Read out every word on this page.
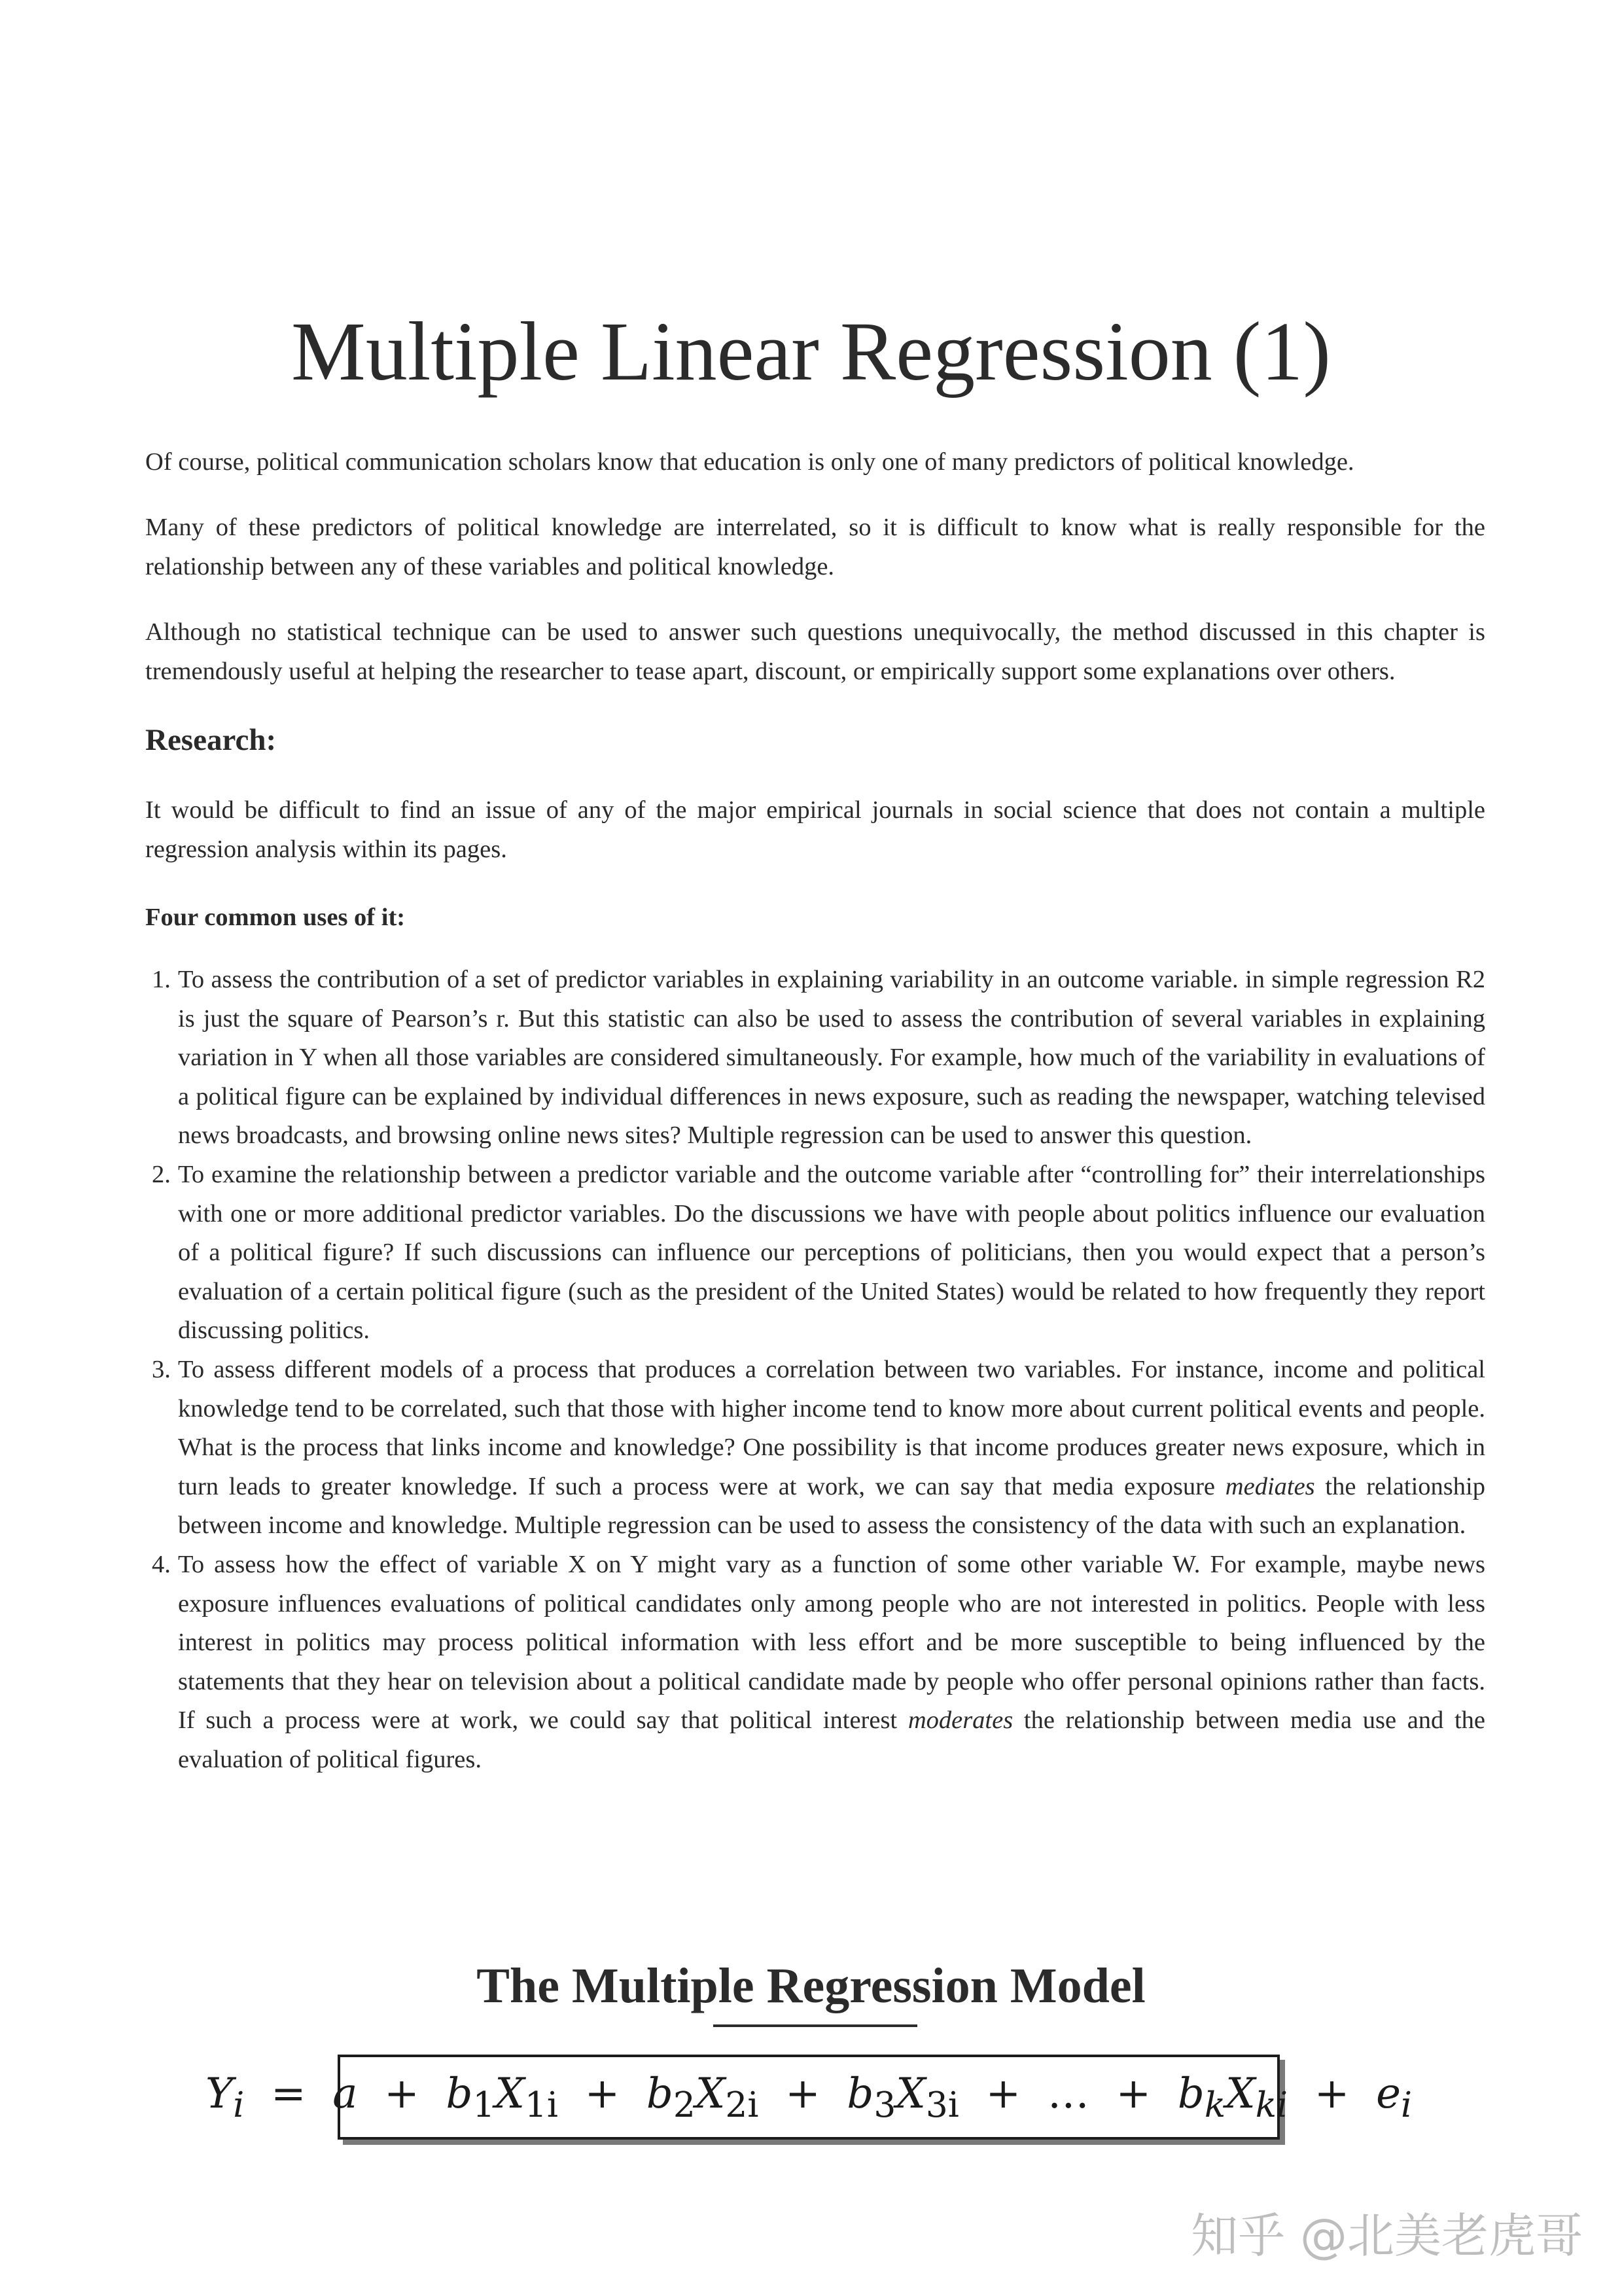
Multiple Linear Regression (1)

Of course, political communication scholars know that education is only one of many predictors of political knowledge.

Many of these predictors of political knowledge are interrelated, so it is difficult to know what is really responsible for the relationship between any of these variables and political knowledge.

Although no statistical technique can be used to answer such questions unequivocally, the method discussed in this chapter is tremendously useful at helping the researcher to tease apart, discount, or empirically support some explanations over others.

Research:

It would be difficult to find an issue of any of the major empirical journals in social science that does not contain a multiple regression analysis within its pages.

Four common uses of it:
1. To assess the contribution of a set of predictor variables in explaining variability in an outcome variable. in simple regression R2 is just the square of Pearson’s r. But this statistic can also be used to assess the contribution of several variables in explaining variation in Y when all those variables are considered simultaneously. For example, how much of the variability in evaluations of a political figure can be explained by individual differences in news exposure, such as reading the newspaper, watching televised news broadcasts, and browsing online news sites? Multiple regression can be used to answer this question.
2. To examine the relationship between a predictor variable and the outcome variable after “controlling for” their interrelationships with one or more additional predictor variables. Do the discussions we have with people about politics influence our evaluation of a political figure? If such discussions can influence our perceptions of politicians, then you would expect that a person’s evaluation of a certain political figure (such as the president of the United States) would be related to how frequently they report discussing politics.
3. To assess different models of a process that produces a correlation between two variables. For instance, income and political knowledge tend to be correlated, such that those with higher income tend to know more about current political events and people. What is the process that links income and knowledge? One possibility is that income produces greater news exposure, which in turn leads to greater knowledge. If such a process were at work, we can say that media exposure mediates the relationship between income and knowledge. Multiple regression can be used to assess the consistency of the data with such an explanation.
4. To assess how the effect of variable X on Y might vary as a function of some other variable W. For example, maybe news exposure influences evaluations of political candidates only among people who are not interested in politics. People with less interest in politics may process political information with less effort and be more susceptible to being influenced by the statements that they hear on television about a political candidate made by people who offer personal opinions rather than facts. If such a process were at work, we could say that political interest moderates the relationship between media use and the evaluation of political figures.
The Multiple Regression Model
$Y_i = a + b_1X_{1i} + b_2X_{2i} + b_3X_{3i}$ + … + $b_kX_{ki} + e_i$
知乎 @北美老虎哥
